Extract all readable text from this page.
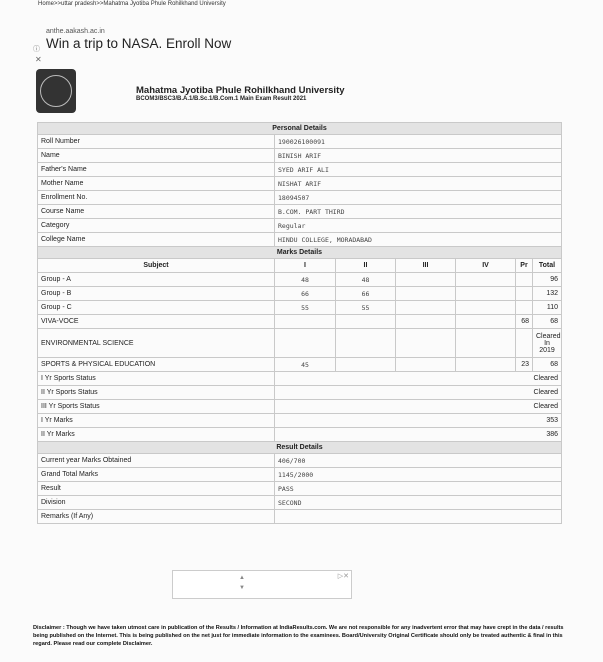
Home>>uttar pradesh>>Mahatma Jyotiba Phule Rohilkhand University
anthe.aakash.ac.in
Win a trip to NASA. Enroll Now
ⓘ
✕
Mahatma Jyotiba Phule Rohilkhand University
BCOM3/BSC3/B.A.1/B.Sc.1/B.Com.1 Main Exam Result 2021
Personal Details						
Roll Number	190026100091					
Name	BINISH ARIF					
Father's Name	SYED ARIF ALI					
Mother Name	NISHAT ARIF					
Enrollment No.	18094507					
Course Name	B.COM. PART THIRD					
Category	Regular					
College Name	HINDU COLLEGE, MORADABAD					
Marks Details						
Subject	I	II	III	IV	Pr	Total
Group - A	48	48				96
Group - B	66	66				132
Group - C	55	55				110
VIVA-VOCE					68	68
ENVIRONMENTAL SCIENCE						Cleared In 2019
SPORTS & PHYSICAL EDUCATION	45				23	68
I Yr Sports Status	Cleared					
II Yr Sports Status	Cleared					
III Yr Sports Status	Cleared					
I Yr Marks	353					
II Yr Marks	386					
Result Details						
Current year Marks Obtained	406/700					
Grand Total Marks	1145/2000					
Result	PASS					
Division	SECOND					
Remarks (If Any)						
▲
▼
▷✕
Disclaimer : Though we have taken utmost care in publication of the Results / Information at IndiaResults.com. We are not responsible for any inadvertent error that may have crept in the data / results being published on the Internet. This is being published on the net just for immediate information to the examinees. Board/University Original Certificate should only be treated authentic & final in this regard. Please read our complete Disclaimer.
